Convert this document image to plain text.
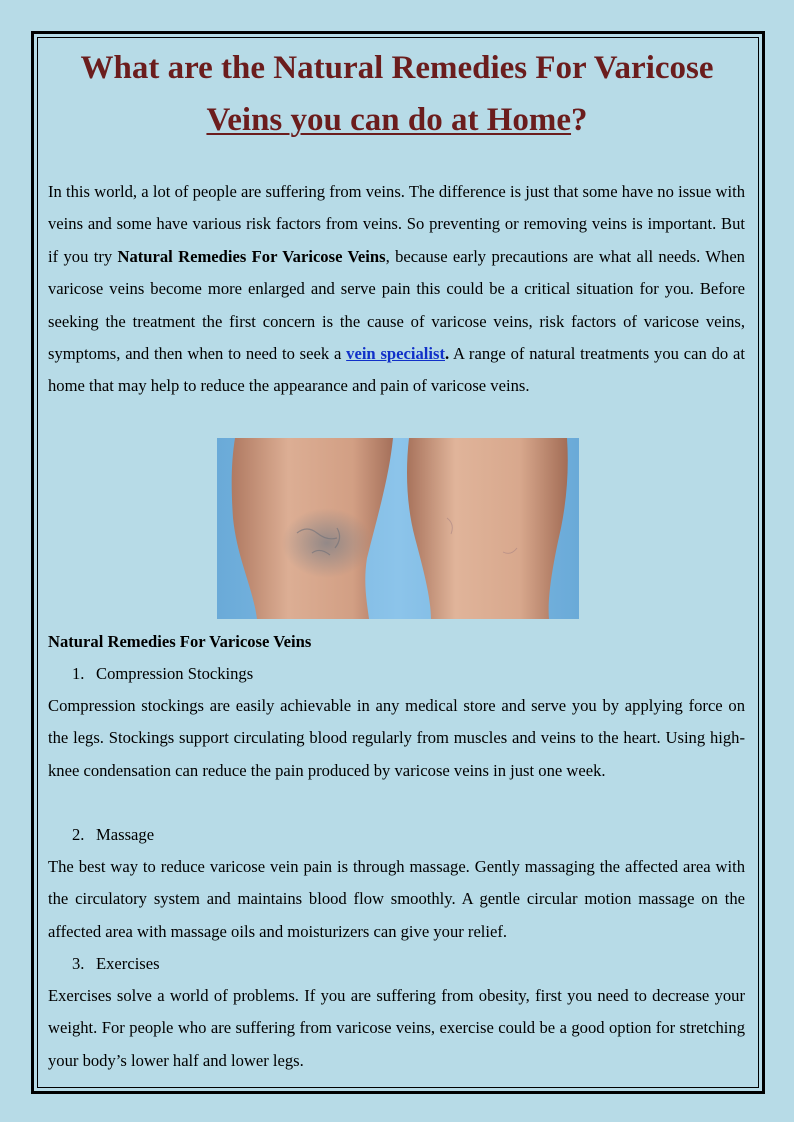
What are the Natural Remedies For Varicose
Veins you can do at Home?

In this world, a lot of people are suffering from veins. The difference is just that some have no issue with veins and some have various risk factors from veins. So preventing or removing veins is important. But if you try Natural Remedies For Varicose Veins, because early precautions are what all needs. When varicose veins become more enlarged and serve pain this could be a critical situation for you. Before seeking the treatment the first concern is the cause of varicose veins, risk factors of varicose veins, symptoms, and then when to need to seek a vein specialist. A range of natural treatments you can do at home that may help to reduce the appearance and pain of varicose veins.

Natural Remedies For Varicose Veins
1. Compression Stockings

Compression stockings are easily achievable in any medical store and serve you by applying force on the legs. Stockings support circulating blood regularly from muscles and veins to the heart. Using high-knee condensation can reduce the pain produced by varicose veins in just one week.

2. Massage

The best way to reduce varicose vein pain is through massage. Gently massaging the affected area with the circulatory system and maintains blood flow smoothly. A gentle circular motion massage on the affected area with massage oils and moisturizers can give your relief.

3. Exercises

Exercises solve a world of problems. If you are suffering from obesity, first you need to decrease your weight. For people who are suffering from varicose veins, exercise could be a good option for stretching your body’s lower half and lower legs.
